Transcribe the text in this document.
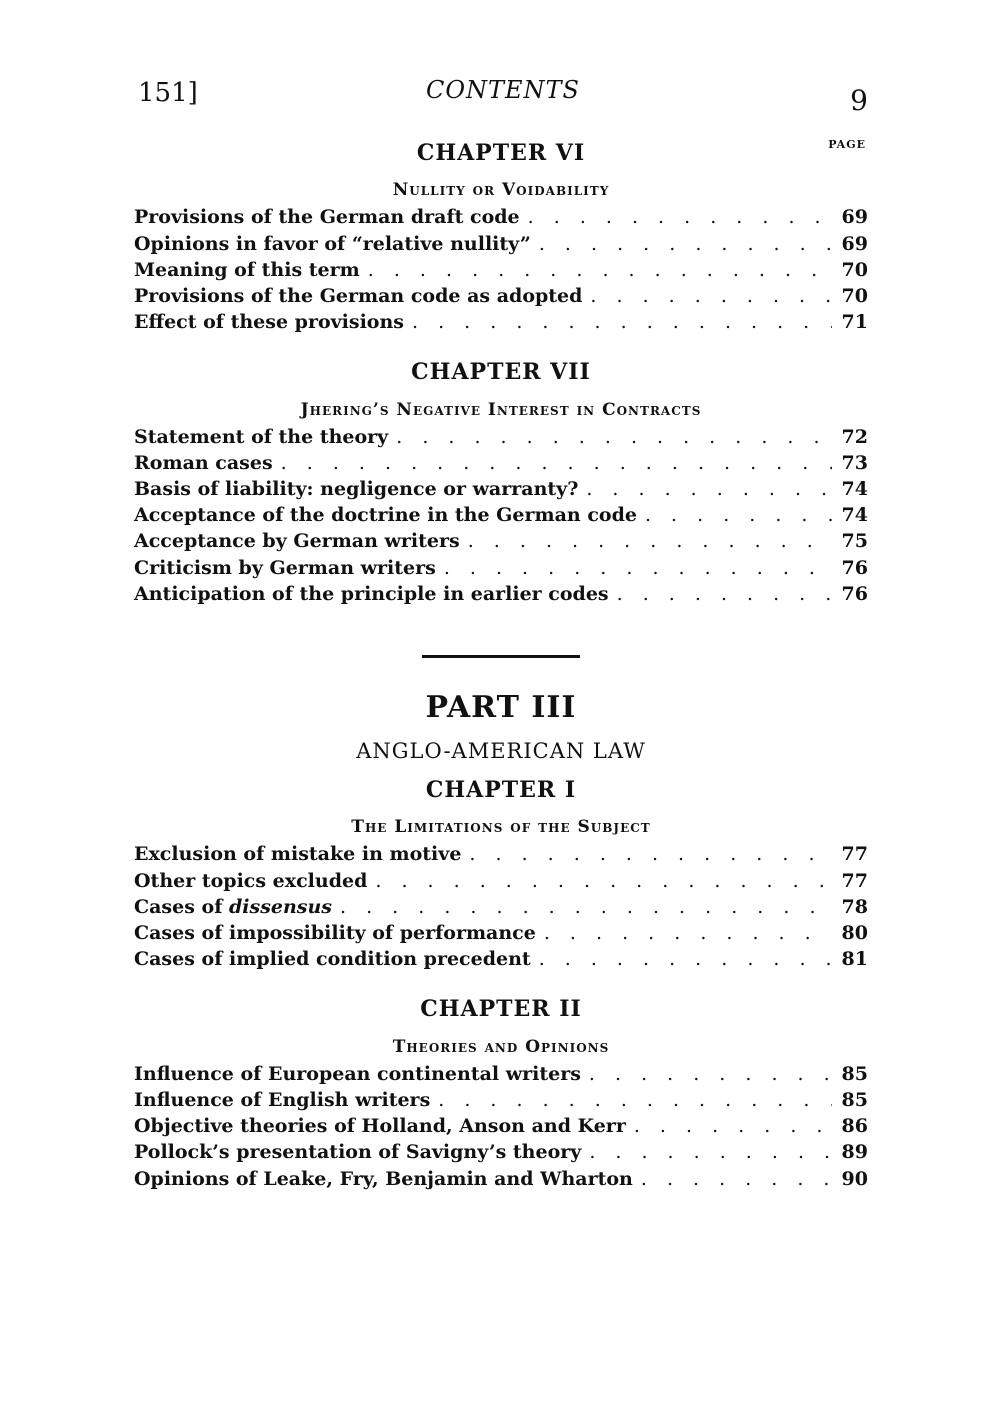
151]	CONTENTS	9
PAGE
CHAPTER VI
Nullity or Voidability
Provisions of the German draft code . . .	69
Opinions in favor of “relative nullity” . . .	69
Meaning of this term . . .	70
Provisions of the German code as adopted . . .	70
Effect of these provisions . . .	71
CHAPTER VII
Jhering’s Negative Interest in Contracts
Statement of the theory . . .	72
Roman cases . . .	73
Basis of liability: negligence or warranty? . . .	74
Acceptance of the doctrine in the German code . . .	74
Acceptance by German writers . . .	75
Criticism by German writers . . .	76
Anticipation of the principle in earlier codes . . .	76
PART III
ANGLO-AMERICAN LAW
CHAPTER I
The Limitations of the Subject
Exclusion of mistake in motive . . .	77
Other topics excluded . . .	77
Cases of dissensus . . .	78
Cases of impossibility of performance . . .	80
Cases of implied condition precedent . . .	81
CHAPTER II
Theories and Opinions
Influence of European continental writers . . .	85
Influence of English writers . . .	85
Objective theories of Holland, Anson and Kerr . . .	86
Pollock’s presentation of Savigny’s theory . . .	89
Opinions of Leake, Fry, Benjamin and Wharton . . .	90
